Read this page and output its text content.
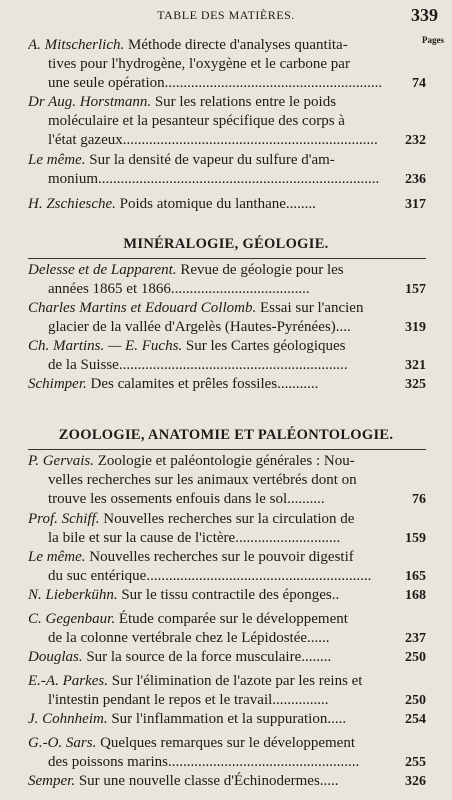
TABLE DES MATIÈRES.	339
Pages
MINÉRALOGIE, GÉOLOGIE.
ZOOLOGIE, ANATOMIE ET PALÉONTOLOGIE.
A. Mitscherlich. Méthode directe d'analyses quantita-
tives pour l'hydrogène, l'oxygène et le carbone par
une seule opération ..........................................................	74
Dr Aug. Horstmann. Sur les relations entre le poids
moléculaire et la pesanteur spécifique des corps à
l'état gazeux ....................................................................	232
Le même. Sur la densité de vapeur du sulfure d'am-
monium ...........................................................................	236
H. Zschiesche. Poids atomique du lanthane ........	317
Delesse et de Lapparent. Revue de géologie pour les
années 1865 et 1866 .....................................	157
Charles Martins et Edouard Collomb. Essai sur l'ancien
glacier de la vallée d'Argelès (Hautes-Pyrénées) ....	319
Ch. Martins. — E. Fuchs. Sur les Cartes géologiques
de la Suisse .............................................................	321
Schimper. Des calamites et prêles fossiles ...........	325
P. Gervais. Zoologie et paléontologie générales : Nou-
velles recherches sur les animaux vertébrés dont on
trouve les ossements enfouis dans le sol ..........	76
Prof. Schiff. Nouvelles recherches sur la circulation de
la bile et sur la cause de l'ictère ............................	159
Le même. Nouvelles recherches sur le pouvoir digestif
du suc entérique ............................................................	165
N. Lieberkühn. Sur le tissu contractile des éponges ..	168
C. Gegenbaur. Étude comparée sur le développement
de la colonne vertébrale chez le Lépidostée ......	237
Douglas. Sur la source de la force musculaire ........	250
E.-A. Parkes. Sur l'élimination de l'azote par les reins et
l'intestin pendant le repos et le travail ...............	250
J. Cohnheim. Sur l'inflammation et la suppuration .....	254
G.-O. Sars. Quelques remarques sur le développement
des poissons marins ...................................................	255
Semper. Sur une nouvelle classe d'Échinodermes .....	326
